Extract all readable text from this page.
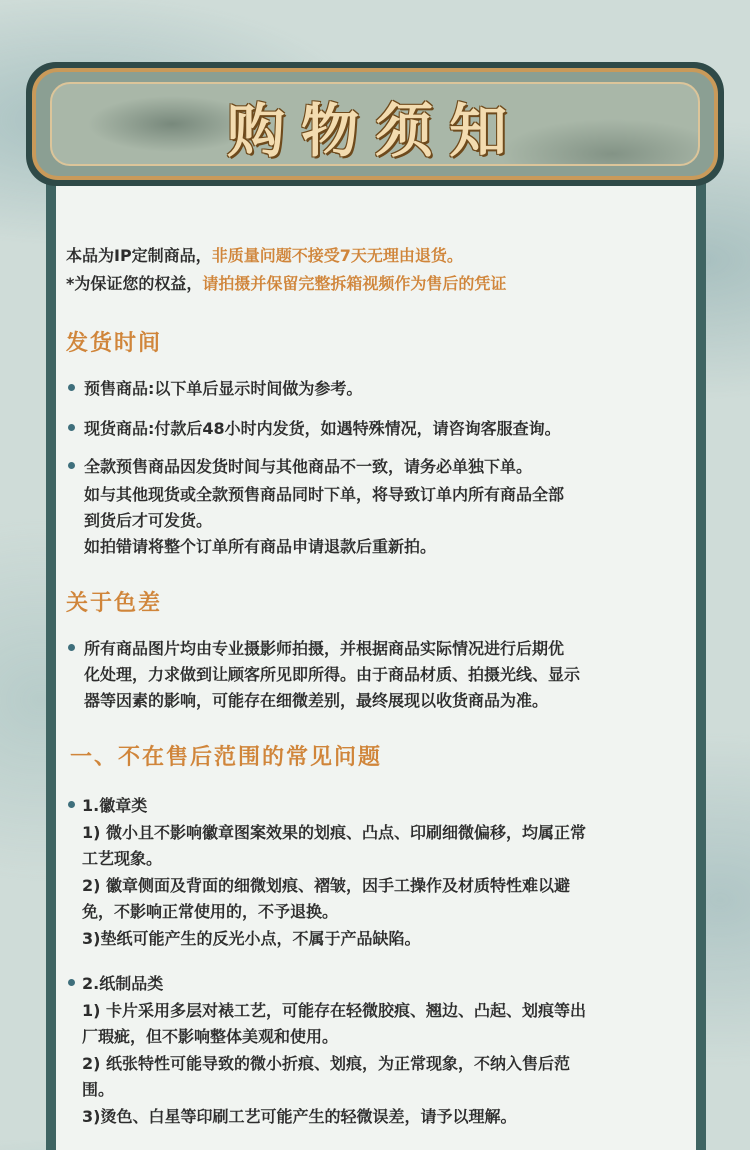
购物须知
本品为IP定制商品，非质量问题不接受7天无理由退货。
*为保证您的权益，请拍摄并保留完整拆箱视频作为售后的凭证
发货时间
预售商品:以下单后显示时间做为参考。
现货商品:付款后48小时内发货，如遇特殊情况，请咨询客服查询。
全款预售商品因发货时间与其他商品不一致，请务必单独下单。
如与其他现货或全款预售商品同时下单，将导致订单内所有商品全部
到货后才可发货。
如拍错请将整个订单所有商品申请退款后重新拍。
关于色差
所有商品图片均由专业摄影师拍摄，并根据商品实际情况进行后期优
化处理，力求做到让顾客所见即所得。由于商品材质、拍摄光线、显示
器等因素的影响，可能存在细微差别，最终展现以收货商品为准。
一、不在售后范围的常见问题
1.徽章类
1) 微小且不影响徽章图案效果的划痕、凸点、印刷细微偏移，均属正常
工艺现象。
2) 徽章侧面及背面的细微划痕、褶皱，因手工操作及材质特性难以避
免，不影响正常使用的，不予退换。
3)垫纸可能产生的反光小点，不属于产品缺陷。
2.纸制品类
1) 卡片采用多层对裱工艺，可能存在轻微胶痕、翘边、凸起、划痕等出
厂瑕疵，但不影响整体美观和使用。
2) 纸张特性可能导致的微小折痕、划痕，为正常现象，不纳入售后范
围。
3)烫色、白星等印刷工艺可能产生的轻微误差，请予以理解。
